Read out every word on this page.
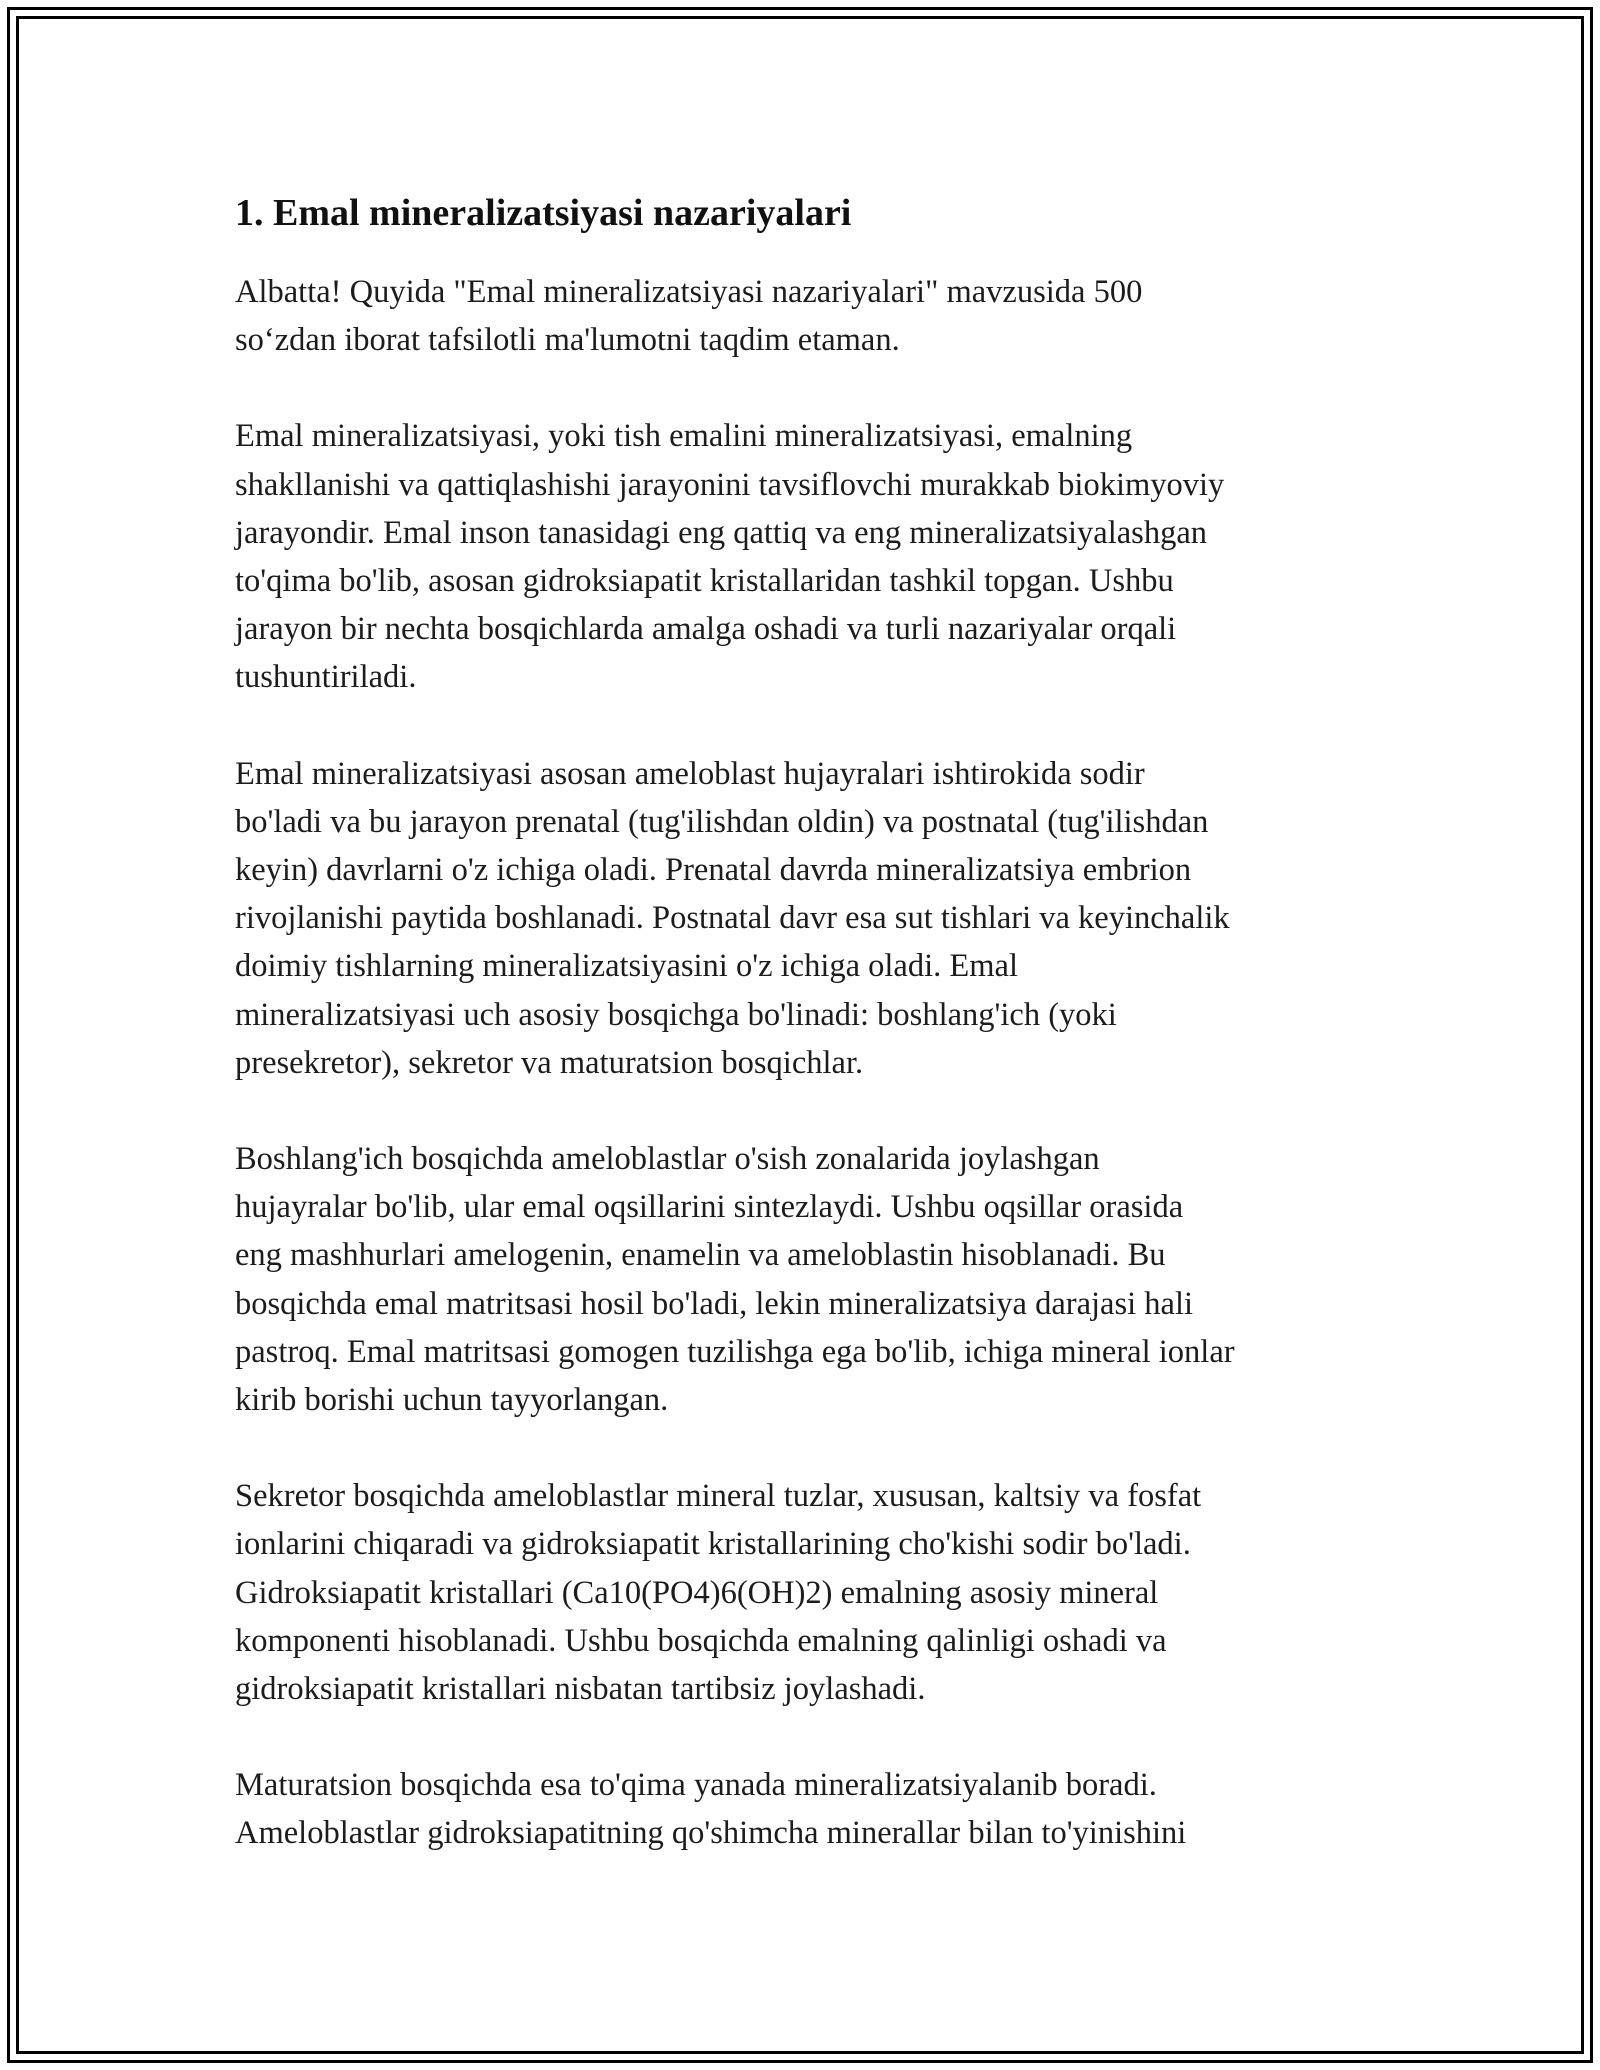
1. Emal mineralizatsiyasi nazariyalari

Albatta! Quyida "Emal mineralizatsiyasi nazariyalari" mavzusida 500
so‘zdan iborat tafsilotli ma'lumotni taqdim etaman.

Emal mineralizatsiyasi, yoki tish emalini mineralizatsiyasi, emalning
shakllanishi va qattiqlashishi jarayonini tavsiflovchi murakkab biokimyoviy
jarayondir. Emal inson tanasidagi eng qattiq va eng mineralizatsiyalashgan
to'qima bo'lib, asosan gidroksiapatit kristallaridan tashkil topgan. Ushbu
jarayon bir nechta bosqichlarda amalga oshadi va turli nazariyalar orqali
tushuntiriladi.

Emal mineralizatsiyasi asosan ameloblast hujayralari ishtirokida sodir
bo'ladi va bu jarayon prenatal (tug'ilishdan oldin) va postnatal (tug'ilishdan
keyin) davrlarni o'z ichiga oladi. Prenatal davrda mineralizatsiya embrion
rivojlanishi paytida boshlanadi. Postnatal davr esa sut tishlari va keyinchalik
doimiy tishlarning mineralizatsiyasini o'z ichiga oladi. Emal
mineralizatsiyasi uch asosiy bosqichga bo'linadi: boshlang'ich (yoki
presekretor), sekretor va maturatsion bosqichlar.

Boshlang'ich bosqichda ameloblastlar o'sish zonalarida joylashgan
hujayralar bo'lib, ular emal oqsillarini sintezlaydi. Ushbu oqsillar orasida
eng mashhurlari amelogenin, enamelin va ameloblastin hisoblanadi. Bu
bosqichda emal matritsasi hosil bo'ladi, lekin mineralizatsiya darajasi hali
pastroq. Emal matritsasi gomogen tuzilishga ega bo'lib, ichiga mineral ionlar
kirib borishi uchun tayyorlangan.

Sekretor bosqichda ameloblastlar mineral tuzlar, xususan, kaltsiy va fosfat
ionlarini chiqaradi va gidroksiapatit kristallarining cho'kishi sodir bo'ladi.
Gidroksiapatit kristallari (Ca10(PO4)6(OH)2) emalning asosiy mineral
komponenti hisoblanadi. Ushbu bosqichda emalning qalinligi oshadi va
gidroksiapatit kristallari nisbatan tartibsiz joylashadi.

Maturatsion bosqichda esa to'qima yanada mineralizatsiyalanib boradi.
Ameloblastlar gidroksiapatitning qo'shimcha minerallar bilan to'yinishini
